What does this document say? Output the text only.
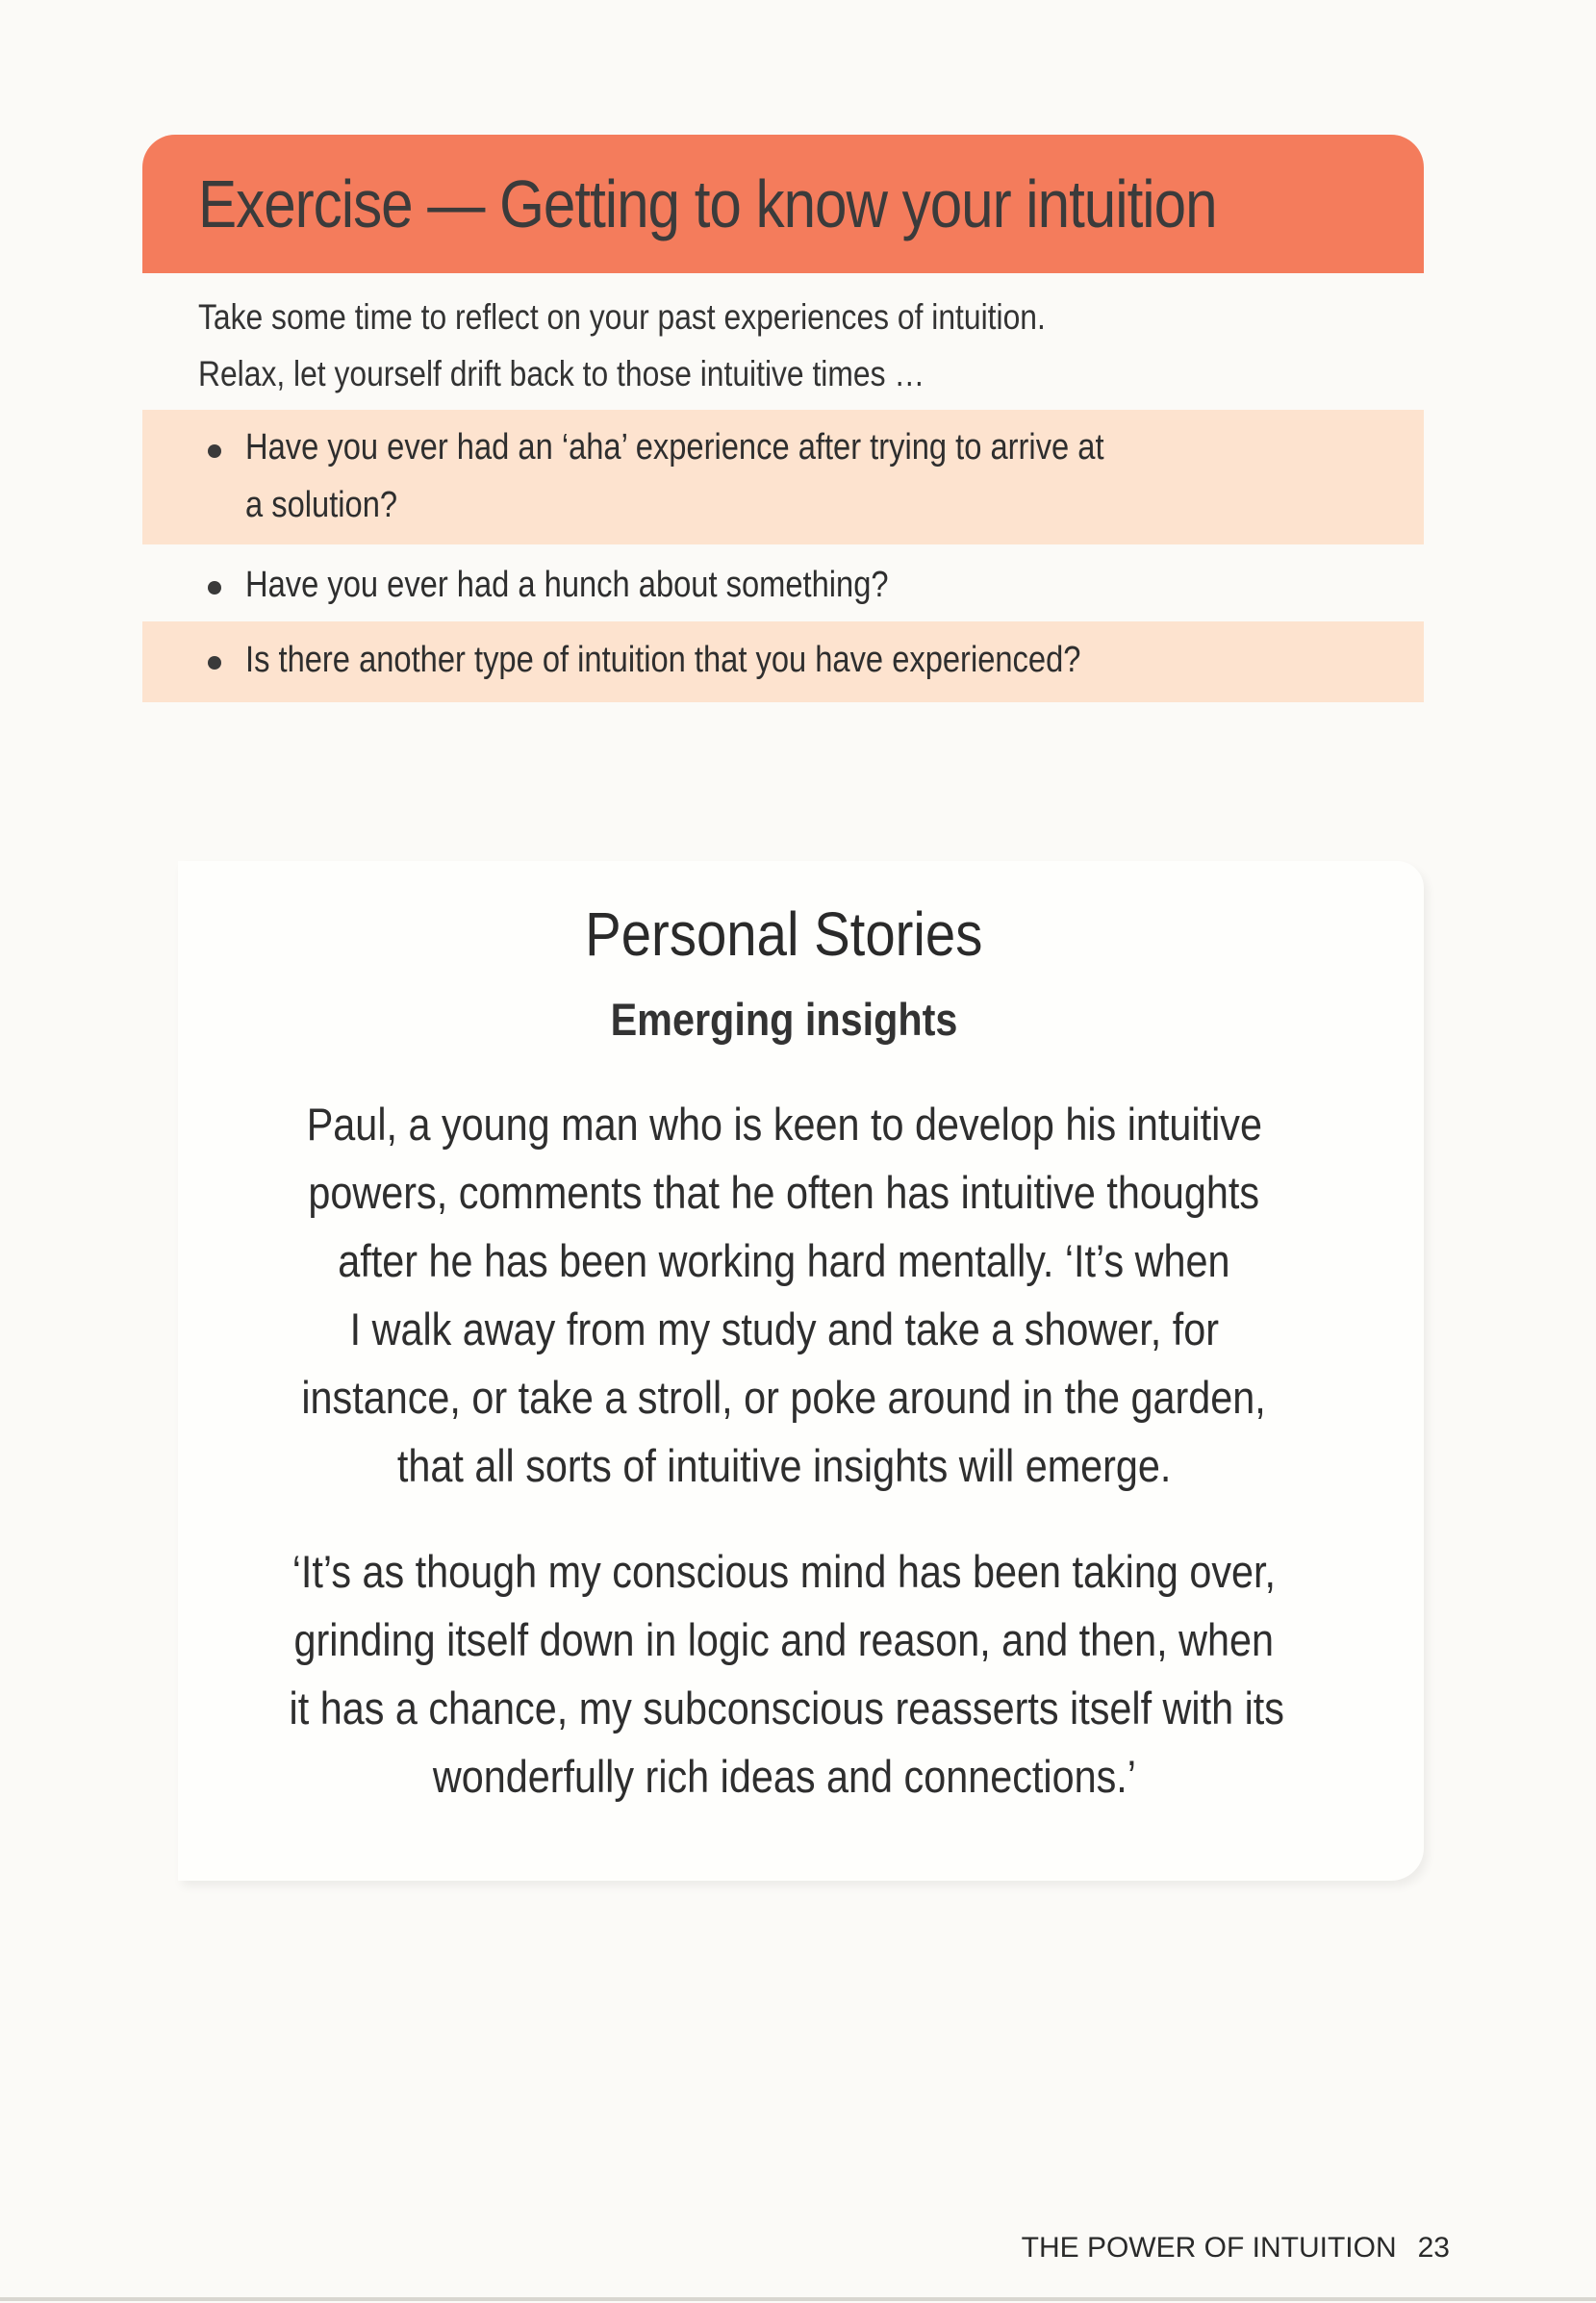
Exercise — Getting to know your intuition
Take some time to reflect on your past experiences of intuition.
Relax, let yourself drift back to those intuitive times …
Have you ever had an ‘aha’ experience after trying to arrive at
a solution?
Have you ever had a hunch about something?
Is there another type of intuition that you have experienced?
Personal Stories
Emerging insights
Paul, a young man who is keen to develop his intuitive
powers, comments that he often has intuitive thoughts
after he has been working hard mentally. ‘It’s when
I walk away from my study and take a shower, for
instance, or take a stroll, or poke around in the garden,
that all sorts of intuitive insights will emerge.
‘It’s as though my conscious mind has been taking over,
grinding itself down in logic and reason, and then, when
it has a chance, my subconscious reasserts itself with its
wonderfully rich ideas and connections.’
THE POWER OF INTUITION 23
